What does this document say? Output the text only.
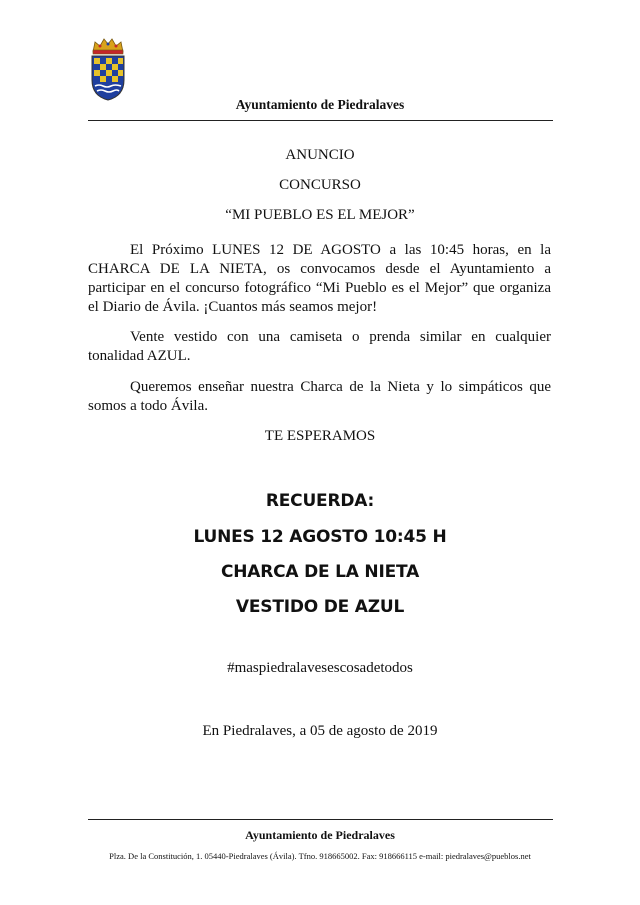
Ayuntamiento de Piedralaves
ANUNCIO
CONCURSO
“MI PUEBLO ES EL MEJOR”

El Próximo LUNES 12 DE AGOSTO a las 10:45 horas, en la CHARCA DE LA NIETA, os convocamos desde el Ayuntamiento a participar en el concurso fotográfico “Mi Pueblo es el Mejor” que organiza el Diario de Ávila. ¡Cuantos más seamos mejor!

Vente vestido con una camiseta o prenda similar en cualquier tonalidad AZUL.

Queremos enseñar nuestra Charca de la Nieta y lo simpáticos que somos a todo Ávila.

TE ESPERAMOS
RECUERDA:
LUNES 12 AGOSTO 10:45 H
CHARCA DE LA NIETA
VESTIDO DE AZUL
#maspiedralavesescosadetodos
En Piedralaves, a 05 de agosto de 2019
Ayuntamiento de Piedralaves
Plza. De la Constitución, 1. 05440-Piedralaves (Ávila). Tfno. 918665002. Fax: 918666115 e-mail: piedralaves@pueblos.net
